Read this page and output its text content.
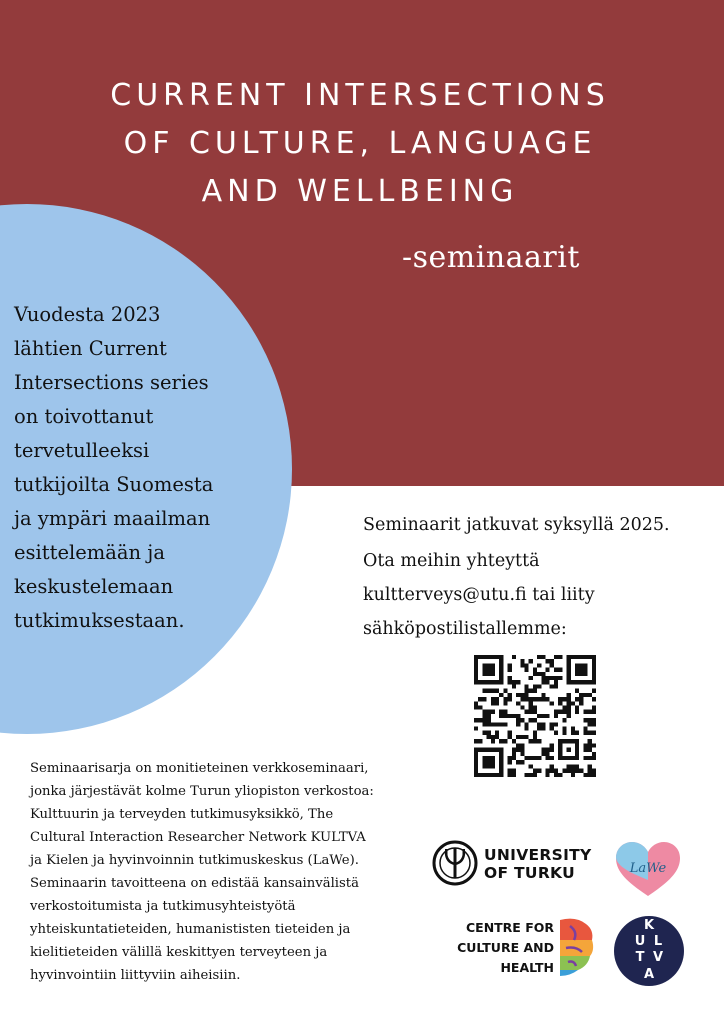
CURRENT INTERSECTIONS
OF CULTURE, LANGUAGE
AND WELLBEING
-seminaarit
Vuodesta 2023
lähtien Current
Intersections series
on toivottanut
tervetulleeksi
tutkijoilta Suomesta
ja ympäri maailman
esittelemään ja
keskustelemaan
tutkimuksestaan.
Seminaarit jatkuvat syksyllä 2025.
Ota meihin yhteyttä
kultterveys@utu.fi tai liity
sähköpostilistallemme:
Seminaarisarja on monitieteinen verkkoseminaari,
jonka järjestävät kolme Turun yliopiston verkostoa:
Kulttuurin ja terveyden tutkimusyksikkö, The
Cultural Interaction Researcher Network KULTVA
ja Kielen ja hyvinvoinnin tutkimuskeskus (LaWe).
Seminaarin tavoitteena on edistää kansainvälistä
verkostoitumista ja tutkimusyhteistyötä
yhteiskuntatieteiden, humanististen tieteiden ja
kielitieteiden välillä keskittyen terveyteen ja
hyvinvointiin liittyviin aiheisiin.
UNIVERSITY
OF TURKU	LaWe
CENTRE FOR
CULTURE AND
HEALTH
K
U L
T V
A
